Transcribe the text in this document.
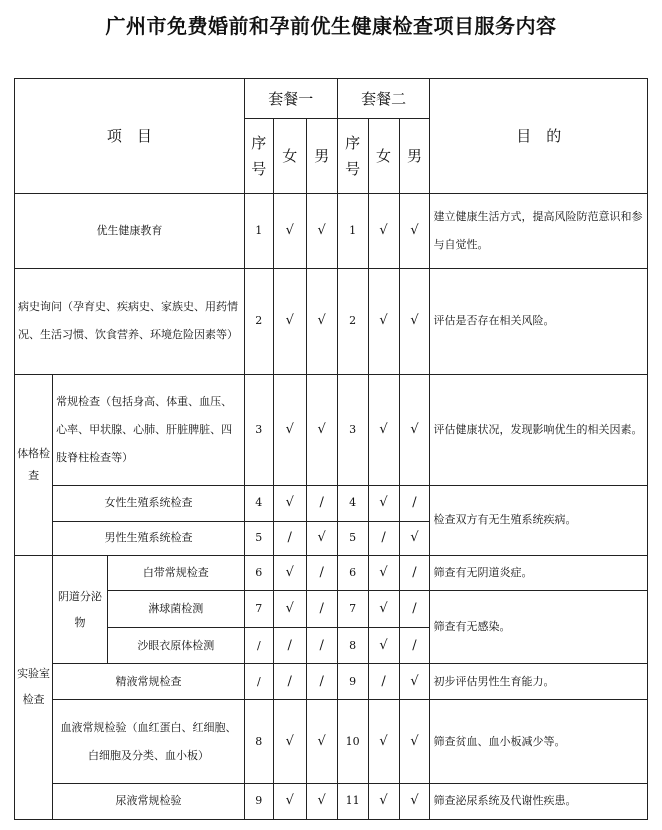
广州市免费婚前和孕前优生健康检查项目服务内容
项　目			套餐一			套餐二			目　的
			序号	女	男	序号	女	男	
优生健康教育			1	√	√	1	√	√	建立健康生活方式，提高风险防范意识和参与自觉性。
病史询问（孕育史、疾病史、家族史、用药情况、生活习惯、饮食营养、环境危险因素等）			2	√	√	2	√	√	评估是否存在相关风险。
体格检查	常规检查（包括身高、体重、血压、心率、甲状腺、心肺、肝脏脾脏、四肢脊柱检查等）		3	√	√	3	√	√	评估健康状况，发现影响优生的相关因素。
	女性生殖系统检查		4	√	/	4	√	/	检查双方有无生殖系统疾病。
	男性生殖系统检查		5	/	√	5	/	√	
实验室检查	阴道分泌物	白带常规检查	6	√	/	6	√	/	筛查有无阴道炎症。
		淋球菌检测	7	√	/	7	√	/	筛查有无感染。
		沙眼衣原体检测	/	/	/	8	√	/	
	精液常规检查		/	/	/	9	/	√	初步评估男性生育能力。
	血液常规检验（血红蛋白、红细胞、白细胞及分类、血小板）		8	√	√	10	√	√	筛查贫血、血小板减少等。
	尿液常规检验		9	√	√	11	√	√	筛查泌尿系统及代谢性疾患。
